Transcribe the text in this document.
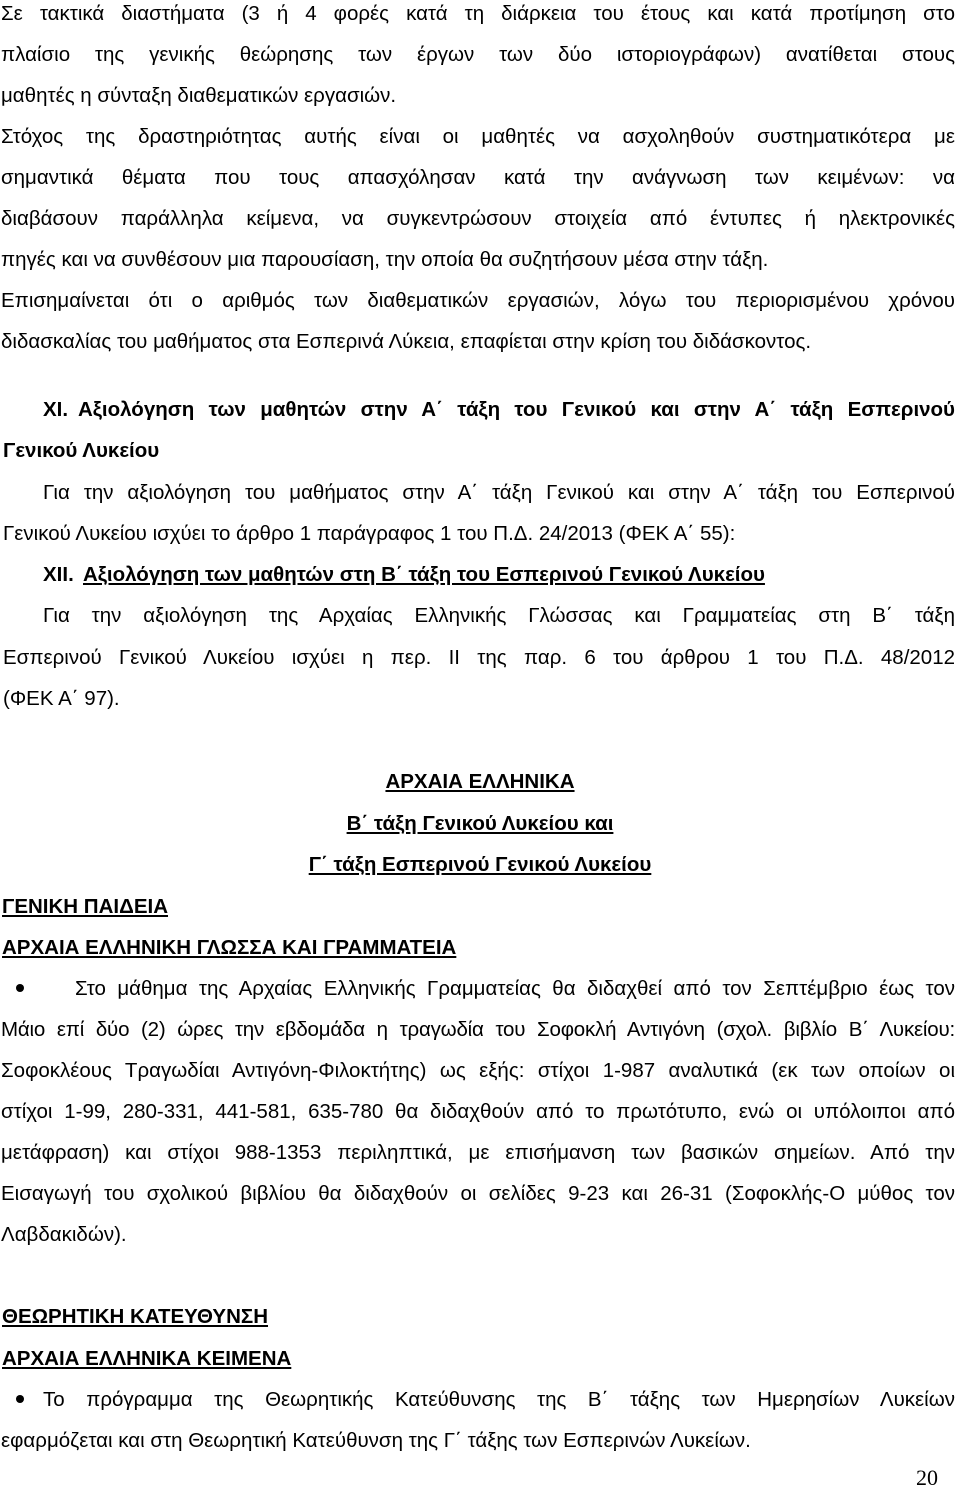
Σε τακτικά διαστήματα (3 ή 4 φορές κατά τη διάρκεια του έτους και κατά προτίμηση στο

πλαίσιο της γενικής θεώρησης των έργων των δύο ιστοριογράφων) ανατίθεται στους

μαθητές η σύνταξη διαθεματικών εργασιών.

Στόχος της δραστηριότητας αυτής είναι οι μαθητές να ασχοληθούν συστηματικότερα με

σημαντικά θέματα που τους απασχόλησαν κατά την ανάγνωση των κειμένων: να

διαβάσουν παράλληλα κείμενα, να συγκεντρώσουν στοιχεία από έντυπες ή ηλεκτρονικές

πηγές και να συνθέσουν μια παρουσίαση, την οποία θα συζητήσουν μέσα στην τάξη.

Επισημαίνεται ότι ο αριθμός των διαθεματικών εργασιών, λόγω του περιορισμένου χρόνου

διδασκαλίας του μαθήματος στα Εσπερινά Λύκεια, επαφίεται στην κρίση του διδάσκοντος.

XI. Αξιολόγηση των μαθητών στην Α΄ τάξη του Γενικού και στην Α΄ τάξη Εσπερινού

Γενικού Λυκείου

Για την αξιολόγηση του μαθήματος στην Α΄ τάξη Γενικού και στην Α΄ τάξη του Εσπερινού

Γενικού Λυκείου ισχύει το άρθρο 1 παράγραφος 1 του Π.Δ. 24/2013 (ΦΕΚ Α΄ 55):

XII. Αξιολόγηση των μαθητών στη Β΄ τάξη του Εσπερινού Γενικού Λυκείου

Για την αξιολόγηση της Αρχαίας Ελληνικής Γλώσσας και Γραμματείας στη Β΄ τάξη

Εσπερινού Γενικού Λυκείου ισχύει η περ. ΙΙ της παρ. 6 του άρθρου 1 του Π.Δ. 48/2012

(ΦΕΚ Α΄ 97).

ΑΡΧΑΙΑ ΕΛΛΗΝΙΚΑ

Β΄ τάξη Γενικού Λυκείου και

Γ΄ τάξη Εσπερινού Γενικού Λυκείου

ΓΕΝΙΚΗ ΠΑΙΔΕΙΑ

ΑΡΧΑΙΑ ΕΛΛΗΝΙΚΗ ΓΛΩΣΣΑ ΚΑΙ ΓΡΑΜΜΑΤΕΙΑ

Στο μάθημα της Αρχαίας Ελληνικής Γραμματείας θα διδαχθεί από τον Σεπτέμβριο έως τον

Μάιο επί δύο (2) ώρες την εβδομάδα η τραγωδία του Σοφοκλή Αντιγόνη (σχολ. βιβλίο Β΄ Λυκείου:

Σοφοκλέους Τραγωδίαι Αντιγόνη-Φιλοκτήτης) ως εξής: στίχοι 1-987 αναλυτικά (εκ των οποίων οι

στίχοι 1-99, 280-331, 441-581, 635-780 θα διδαχθούν από το πρωτότυπο, ενώ οι υπόλοιποι από

μετάφραση) και στίχοι 988-1353 περιληπτικά, με επισήμανση των βασικών σημείων. Από την

Εισαγωγή του σχολικού βιβλίου θα διδαχθούν οι σελίδες 9-23 και 26-31 (Σοφοκλής-Ο μύθος τον

Λαβδακιδών).

ΘΕΩΡΗΤΙΚΗ ΚΑΤΕΥΘΥΝΣΗ

ΑΡΧΑΙΑ ΕΛΛΗΝΙΚΑ ΚΕΙΜΕΝΑ

Το πρόγραμμα της Θεωρητικής Κατεύθυνσης της Β΄ τάξης των Ημερησίων Λυκείων

εφαρμόζεται και στη Θεωρητική Κατεύθυνση της Γ΄ τάξης των Εσπερινών Λυκείων.

20
